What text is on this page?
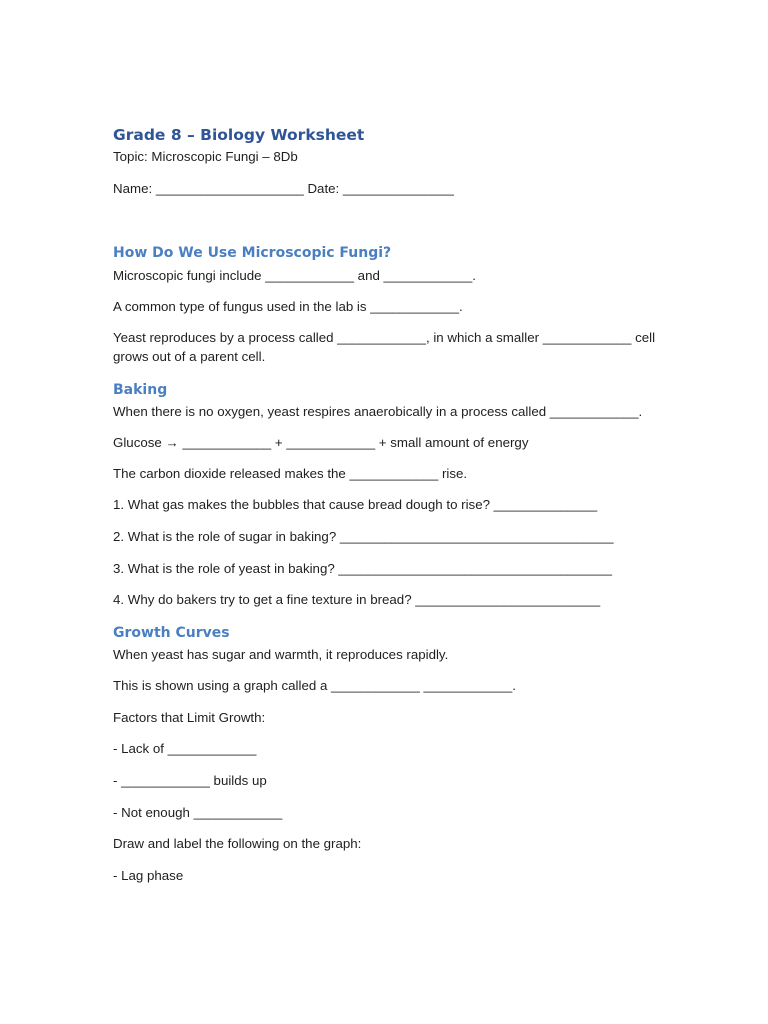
Grade 8 – Biology Worksheet

Topic: Microscopic Fungi – 8Db

Name: ____________________ Date: _______________

How Do We Use Microscopic Fungi?

Microscopic fungi include ____________ and ____________.

A common type of fungus used in the lab is ____________.

Yeast reproduces by a process called ____________, in which a smaller ____________ cell grows out of a parent cell.

Baking

When there is no oxygen, yeast respires anaerobically in a process called ____________.

Glucose → ____________ + ____________ + small amount of energy

The carbon dioxide released makes the ____________ rise.

1. What gas makes the bubbles that cause bread dough to rise? ______________

2. What is the role of sugar in baking? _____________________________________

3. What is the role of yeast in baking? _____________________________________

4. Why do bakers try to get a fine texture in bread? _________________________

Growth Curves

When yeast has sugar and warmth, it reproduces rapidly.

This is shown using a graph called a ____________ ____________.

Factors that Limit Growth:

- Lack of ____________

- ____________ builds up

- Not enough ____________

Draw and label the following on the graph:

- Lag phase
